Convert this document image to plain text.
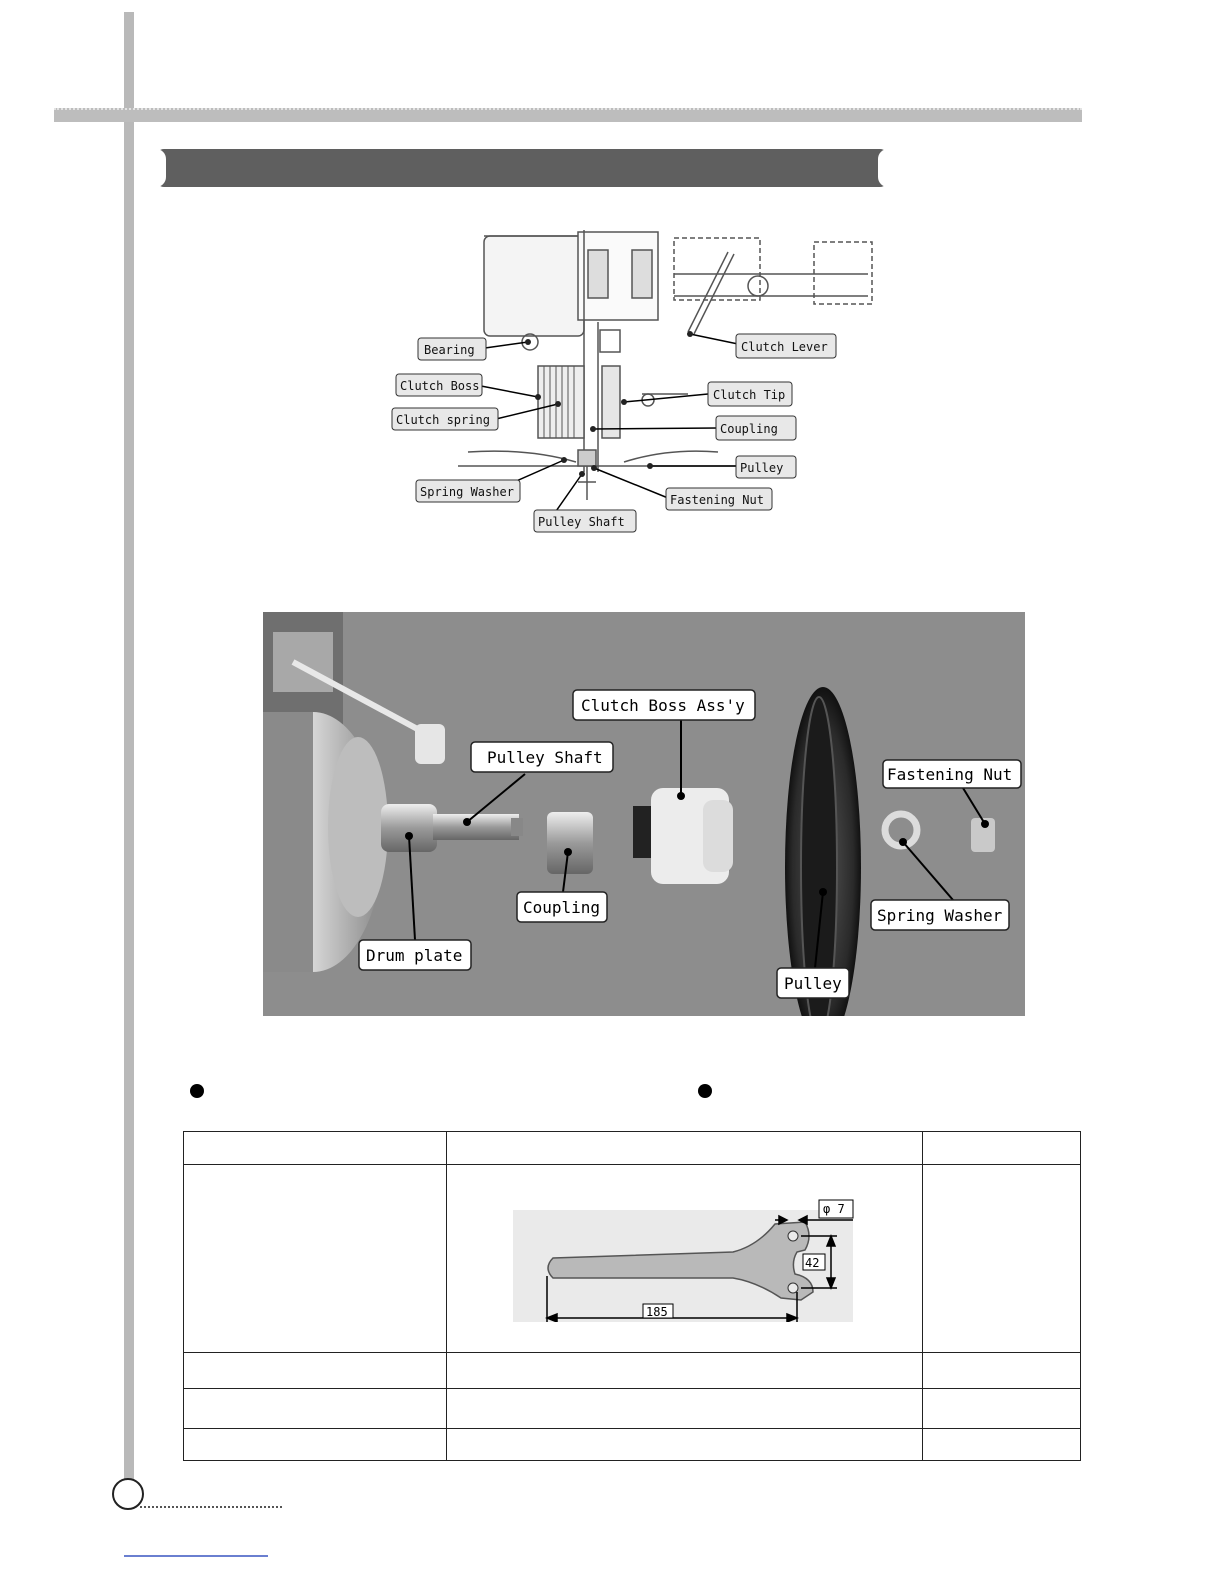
Bearing
Clutch Boss
Clutch spring
Spring Washer
Pulley Shaft
Clutch Lever
Clutch Tip
Coupling
Pulley
Fastening Nut
Clutch Boss Ass'y
Pulley Shaft
Fastening Nut
Coupling	Spring Washer
Drum plate
Pulley

φ 7
42
185	
